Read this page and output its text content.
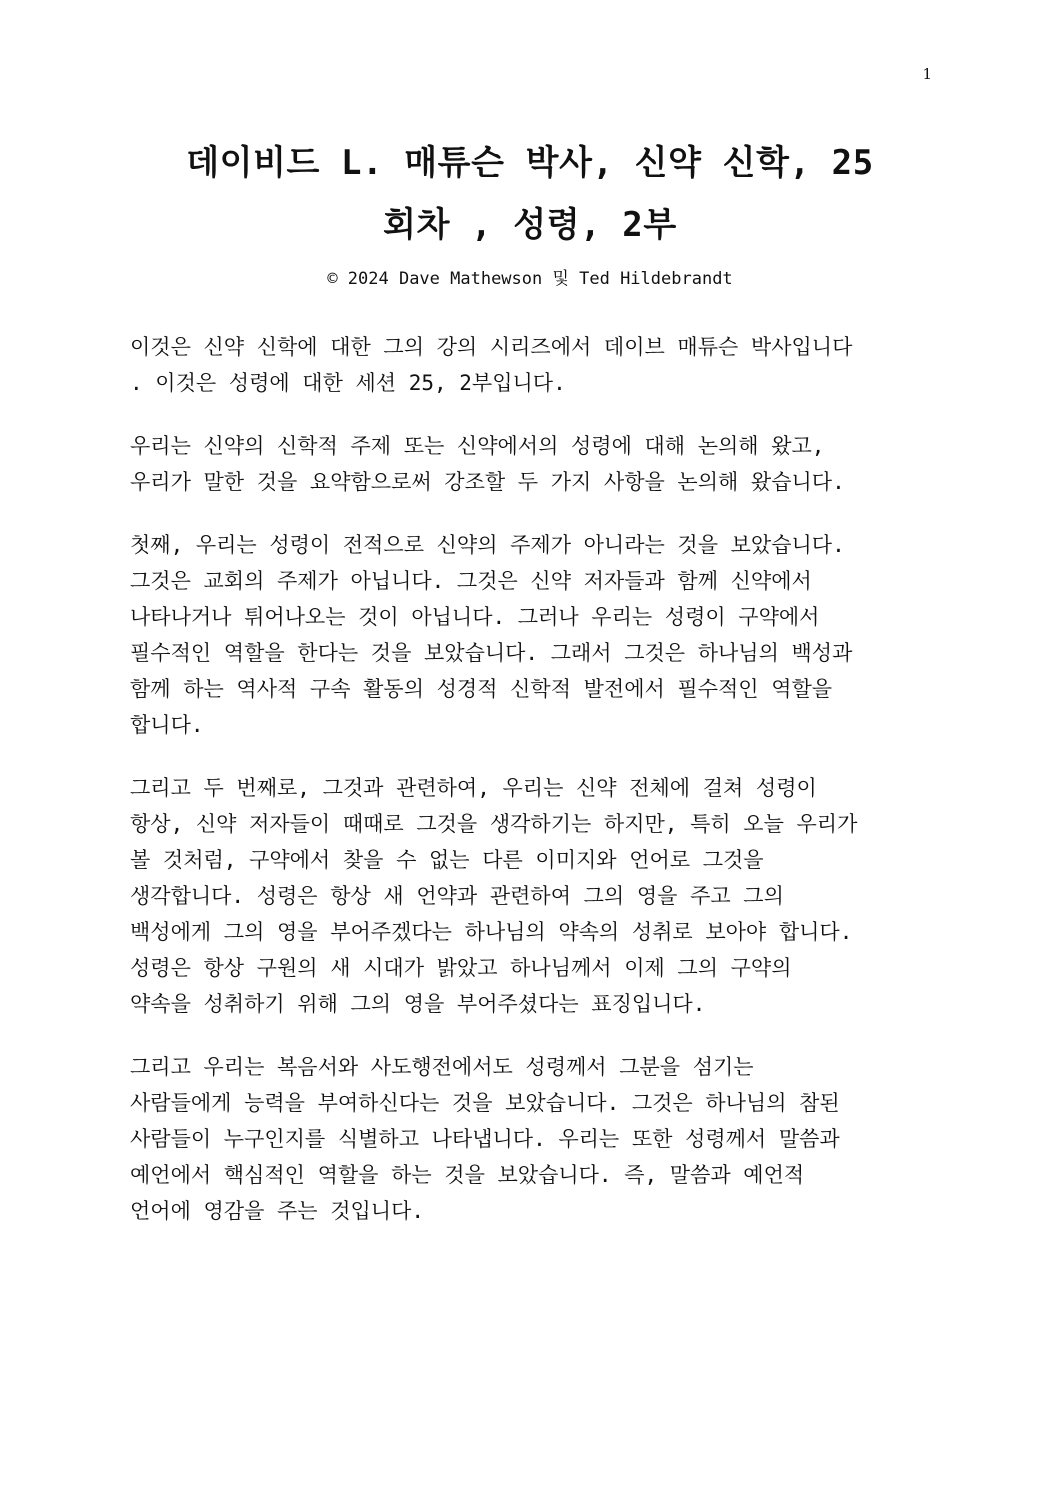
1
데이비드 L. 매튜슨 박사, 신약 신학, 25
회차 , 성령, 2부
© 2024 Dave Mathewson 및 Ted Hildebrandt

이것은 신약 신학에 대한 그의 강의 시리즈에서 데이브 매튜슨 박사입니다
. 이것은 성령에 대한 세션 25, 2부입니다.

우리는 신약의 신학적 주제 또는 신약에서의 성령에 대해 논의해 왔고,
우리가 말한 것을 요약함으로써 강조할 두 가지 사항을 논의해 왔습니다.

첫째, 우리는 성령이 전적으로 신약의 주제가 아니라는 것을 보았습니다.
그것은 교회의 주제가 아닙니다. 그것은 신약 저자들과 함께 신약에서
나타나거나 튀어나오는 것이 아닙니다. 그러나 우리는 성령이 구약에서
필수적인 역할을 한다는 것을 보았습니다. 그래서 그것은 하나님의 백성과
함께 하는 역사적 구속 활동의 성경적 신학적 발전에서 필수적인 역할을
합니다.

그리고 두 번째로, 그것과 관련하여, 우리는 신약 전체에 걸쳐 성령이
항상, 신약 저자들이 때때로 그것을 생각하기는 하지만, 특히 오늘 우리가
볼 것처럼, 구약에서 찾을 수 없는 다른 이미지와 언어로 그것을
생각합니다. 성령은 항상 새 언약과 관련하여 그의 영을 주고 그의
백성에게 그의 영을 부어주겠다는 하나님의 약속의 성취로 보아야 합니다.
성령은 항상 구원의 새 시대가 밝았고 하나님께서 이제 그의 구약의
약속을 성취하기 위해 그의 영을 부어주셨다는 표징입니다.

그리고 우리는 복음서와 사도행전에서도 성령께서 그분을 섬기는
사람들에게 능력을 부여하신다는 것을 보았습니다. 그것은 하나님의 참된
사람들이 누구인지를 식별하고 나타냅니다. 우리는 또한 성령께서 말씀과
예언에서 핵심적인 역할을 하는 것을 보았습니다. 즉, 말씀과 예언적
언어에 영감을 주는 것입니다.
